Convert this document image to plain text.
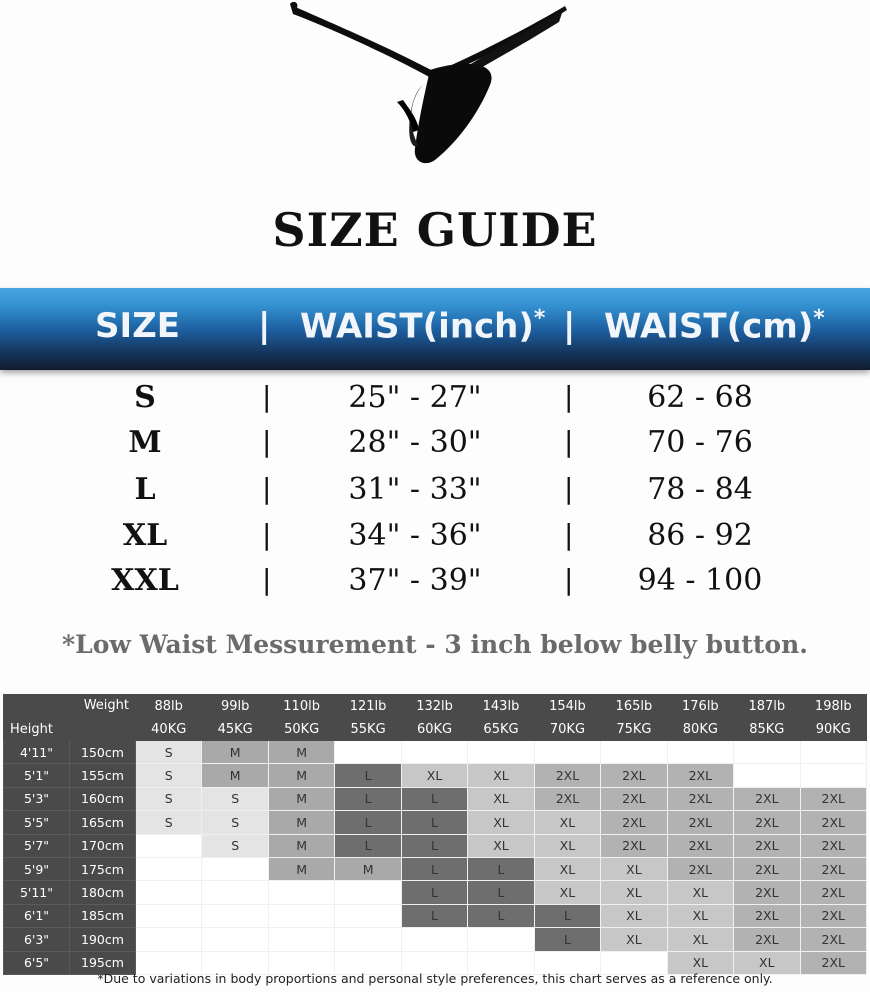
SIZE GUIDE
SIZE | WAIST(inch)* | WAIST(cm)*
S	|	25" - 27"	|	62 - 68
M	|	28" - 30"	|	70 - 76
L	|	31" - 33"	|	78 - 84
XL	|	34" - 36"	|	86 - 92
XXL	|	37" - 39"	|	94 - 100
*Low Waist Messurement - 3 inch below belly button.
Weight
Height		88lb	99lb	110lb	121lb	132lb	143lb	154lb	165lb	176lb	187lb	198lb
		40KG	45KG	50KG	55KG	60KG	65KG	70KG	75KG	80KG	85KG	90KG
4'11"	150cm	S	M	M								
5'1"	155cm	S	M	M	L	XL	XL	2XL	2XL	2XL		
5'3"	160cm	S	S	M	L	L	XL	2XL	2XL	2XL	2XL	2XL
5'5"	165cm	S	S	M	L	L	XL	XL	2XL	2XL	2XL	2XL
5'7"	170cm		S	M	L	L	XL	XL	2XL	2XL	2XL	2XL
5'9"	175cm			M	M	L	L	XL	XL	2XL	2XL	2XL
5'11"	180cm					L	L	XL	XL	XL	2XL	2XL
6'1"	185cm					L	L	L	XL	XL	2XL	2XL
6'3"	190cm							L	XL	XL	2XL	2XL
6'5"	195cm									XL	XL	2XL
*Due to variations in body proportions and personal style preferences, this chart serves as a reference only.
